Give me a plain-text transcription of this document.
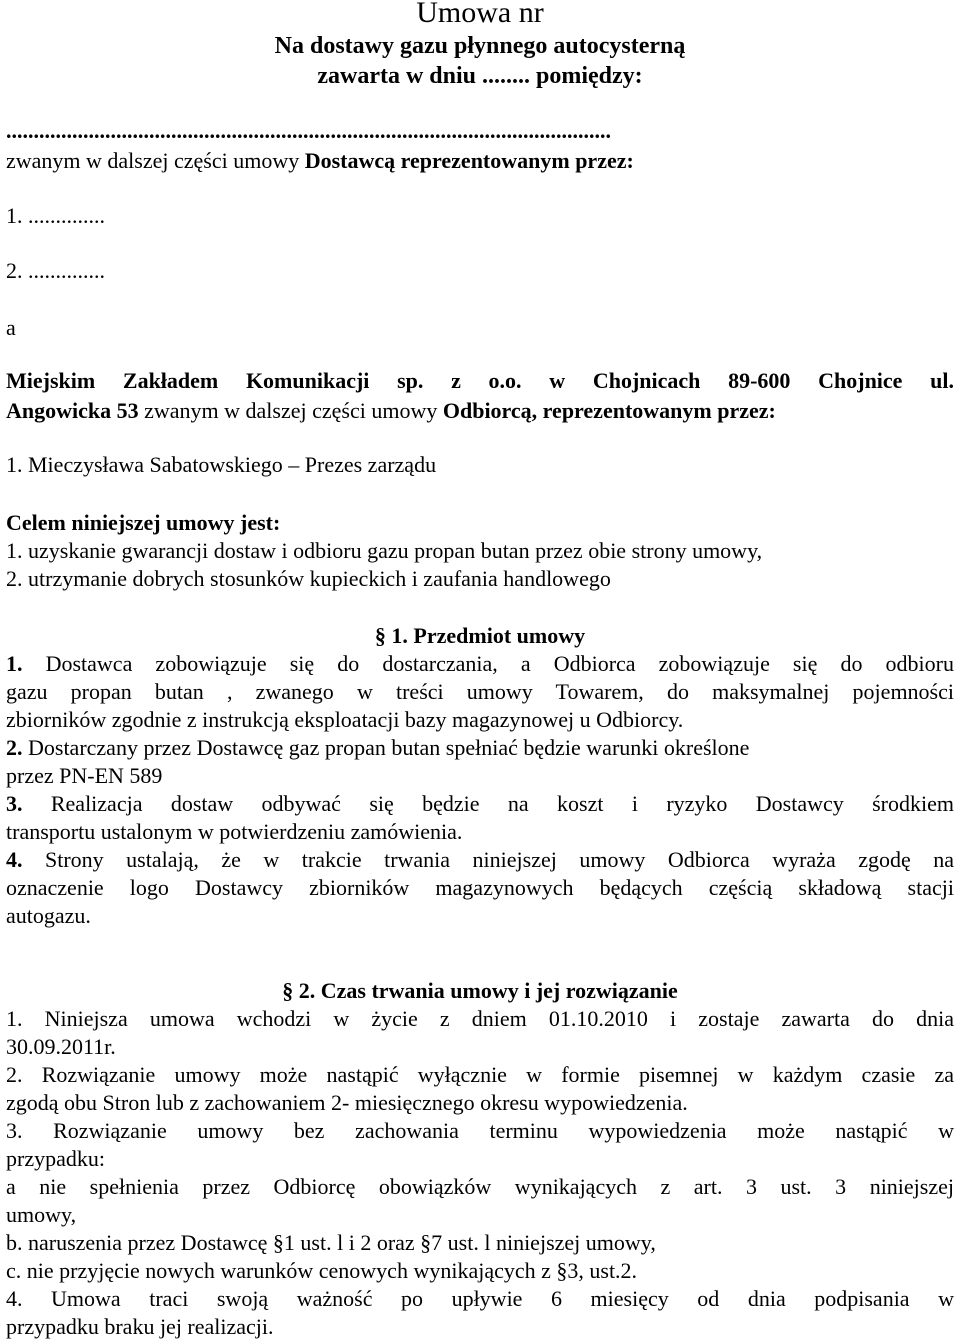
Umowa nr
Na dostawy gazu płynnego autocysterną
zawarta w dniu ........ pomiędzy:
..............................................................................................................
zwanym w dalszej części umowy Dostawcą reprezentowanym przez:
1. ..............
2. ..............
a
Miejskim Zakładem Komunikacji sp. z o.o. w Chojnicach 89-600 Chojnice ul.
Angowicka 53 zwanym w dalszej części umowy Odbiorcą, reprezentowanym przez:
1. Mieczysława Sabatowskiego – Prezes zarządu
Celem niniejszej umowy jest:
1. uzyskanie gwarancji dostaw i odbioru gazu propan butan przez obie strony umowy,
2. utrzymanie dobrych stosunków kupieckich i zaufania handlowego
§ 1. Przedmiot umowy
1. Dostawca zobowiązuje się do dostarczania, a Odbiorca zobowiązuje się do odbioru
gazu propan butan , zwanego w treści umowy Towarem, do maksymalnej pojemności
zbiorników zgodnie z instrukcją eksploatacji bazy magazynowej u Odbiorcy.
2. Dostarczany przez Dostawcę gaz propan butan spełniać będzie warunki określone
przez PN-EN 589
3. Realizacja dostaw odbywać się będzie na koszt i ryzyko Dostawcy środkiem
transportu ustalonym w potwierdzeniu zamówienia.
4. Strony ustalają, że w trakcie trwania niniejszej umowy Odbiorca wyraża zgodę na
oznaczenie logo Dostawcy zbiorników magazynowych będących częścią składową stacji
autogazu.
§ 2. Czas trwania umowy i jej rozwiązanie
1. Niniejsza umowa wchodzi w życie z dniem 01.10.2010 i zostaje zawarta do dnia
30.09.2011r.
2. Rozwiązanie umowy może nastąpić wyłącznie w formie pisemnej w każdym czasie za
zgodą obu Stron lub z zachowaniem 2- miesięcznego okresu wypowiedzenia.
3. Rozwiązanie umowy bez zachowania terminu wypowiedzenia może nastąpić w
przypadku:
a nie spełnienia przez Odbiorcę obowiązków wynikających z art. 3 ust. 3 niniejszej
umowy,
b. naruszenia przez Dostawcę §1 ust. l i 2 oraz §7 ust. l niniejszej umowy,
c. nie przyjęcie nowych warunków cenowych wynikających z §3, ust.2.
4. Umowa traci swoją ważność po upływie 6 miesięcy od dnia podpisania w
przypadku braku jej realizacji.
